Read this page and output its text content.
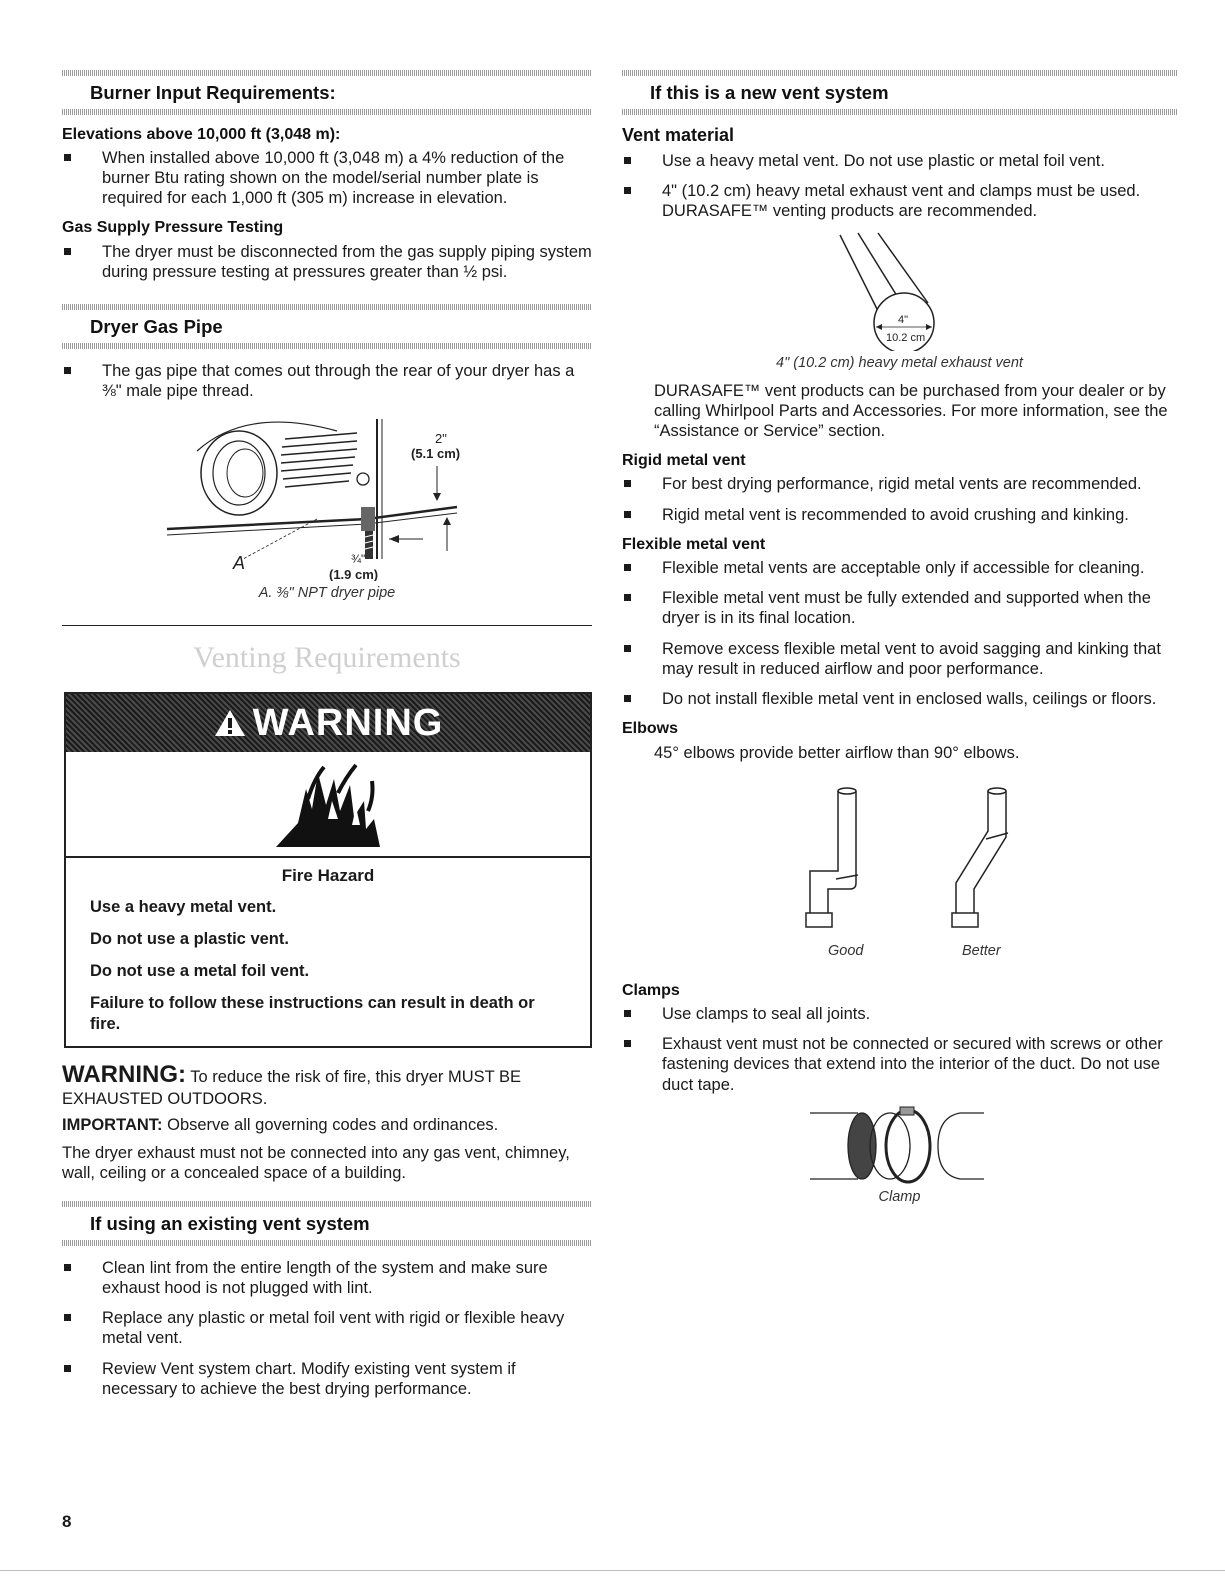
Burner Input Requirements:
Elevations above 10,000 ft (3,048 m):
When installed above 10,000 ft (3,048 m) a 4% reduction of the burner Btu rating shown on the model/serial number plate is required for each 1,000 ft (305 m) increase in elevation.
Gas Supply Pressure Testing
The dryer must be disconnected from the gas supply piping system during pressure testing at pressures greater than ½ psi.
Dryer Gas Pipe
The gas pipe that comes out through the rear of your dryer has a ⅜" male pipe thread.
2"
(5.1 cm)
A	¾"
(1.9 cm)
A. ⅜" NPT dryer pipe
Venting Requirements
WARNING
Fire Hazard

Use a heavy metal vent.

Do not use a plastic vent.

Do not use a metal foil vent.

Failure to follow these instructions can result in death or fire.

WARNING: To reduce the risk of fire, this dryer MUST BE EXHAUSTED OUTDOORS.
IMPORTANT: Observe all governing codes and ordinances.
The dryer exhaust must not be connected into any gas vent, chimney, wall, ceiling or a concealed space of a building.
If using an existing vent system
Clean lint from the entire length of the system and make sure exhaust hood is not plugged with lint.
Replace any plastic or metal foil vent with rigid or flexible heavy metal vent.
Review Vent system chart. Modify existing vent system if necessary to achieve the best drying performance.
If this is a new vent system
Vent material
Use a heavy metal vent. Do not use plastic or metal foil vent.
4" (10.2 cm) heavy metal exhaust vent and clamps must be used. DURASAFE™ venting products are recommended.
4"
10.2 cm
4" (10.2 cm) heavy metal exhaust vent
DURASAFE™ vent products can be purchased from your dealer or by calling Whirlpool Parts and Accessories. For more information, see the “Assistance or Service” section.
Rigid metal vent
For best drying performance, rigid metal vents are recommended.
Rigid metal vent is recommended to avoid crushing and kinking.
Flexible metal vent
Flexible metal vents are acceptable only if accessible for cleaning.
Flexible metal vent must be fully extended and supported when the dryer is in its final location.
Remove excess flexible metal vent to avoid sagging and kinking that may result in reduced airflow and poor performance.
Do not install flexible metal vent in enclosed walls, ceilings or floors.
Elbows
45° elbows provide better airflow than 90° elbows.
Good	Better
Clamps
Use clamps to seal all joints.
Exhaust vent must not be connected or secured with screws or other fastening devices that extend into the interior of the duct. Do not use duct tape.
Clamp
8
